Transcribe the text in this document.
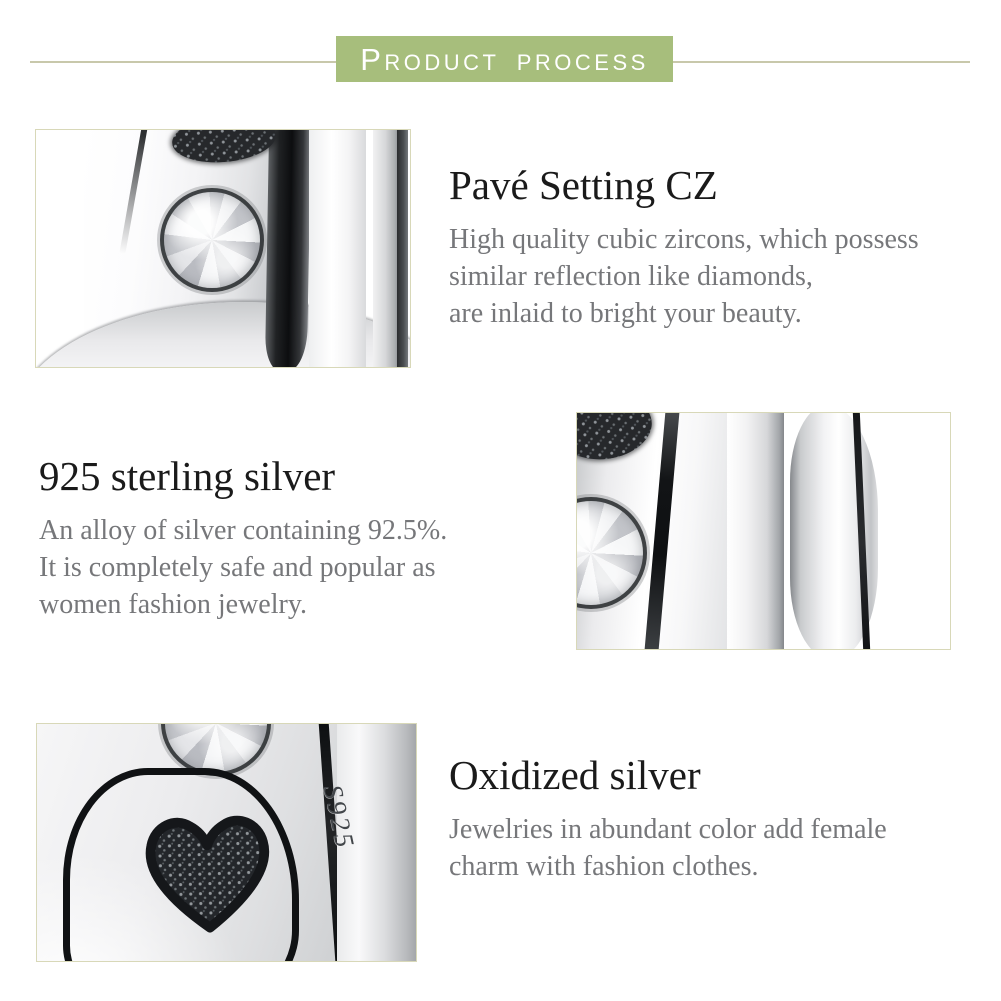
PRODUCT PROCESS
Pavé Setting CZ
High quality cubic zircons, which possess
similar reflection like diamonds,
are inlaid to bright your beauty.
925 sterling silver
An alloy of silver containing 92.5%.
It is completely safe and popular as
women fashion jewelry.
S925
Oxidized silver
Jewelries in abundant color add female
charm with fashion clothes.
